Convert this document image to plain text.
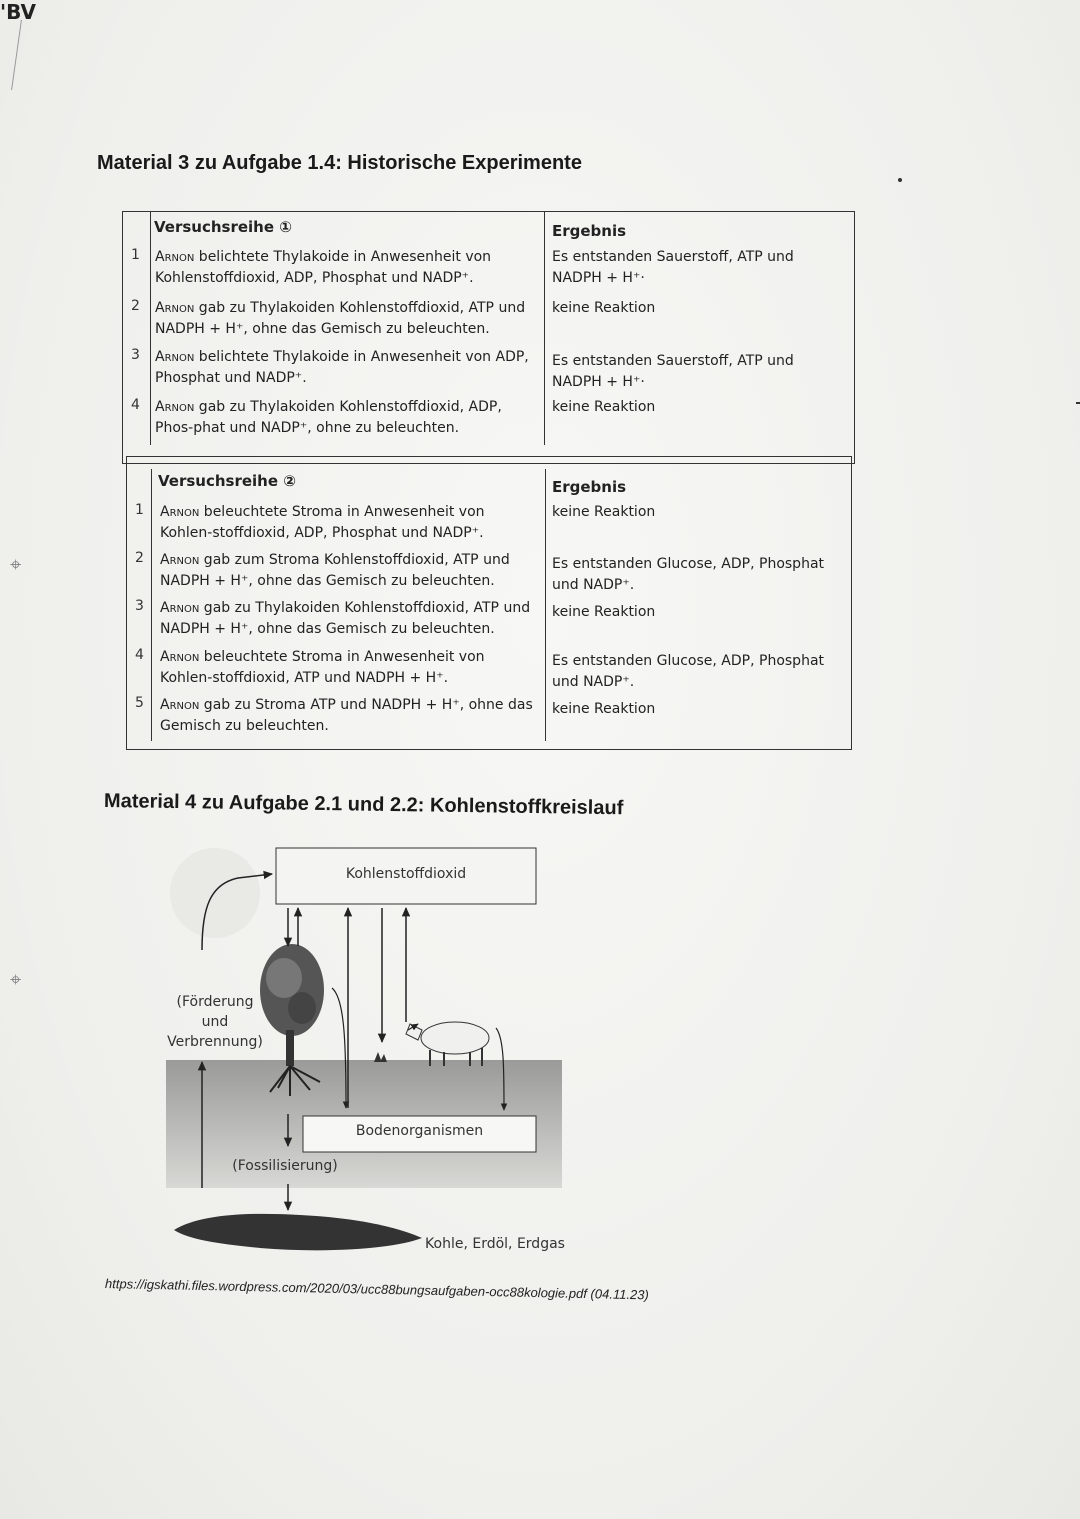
'BV
⌖
⌖
Material 3 zu Aufgabe 1.4: Historische Experimente
Versuchsreihe ①	Ergebnis
1 Arnon belichtete Thylakoide in Anwesenheit von Kohlenstoffdioxid, ADP, Phosphat und NADP⁺.
Es entstanden Sauerstoff, ATP und NADPH + H⁺·
2 Arnon gab zu Thylakoiden Kohlenstoffdioxid, ATP und NADPH + H⁺, ohne das Gemisch zu beleuchten.
keine Reaktion
3 Arnon belichtete Thylakoide in Anwesenheit von ADP, Phosphat und NADP⁺.
Es entstanden Sauerstoff, ATP und NADPH + H⁺·
4 Arnon gab zu Thylakoiden Kohlenstoffdioxid, ADP, Phos-phat und NADP⁺, ohne zu beleuchten.
keine Reaktion
Versuchsreihe ②	Ergebnis
1 Arnon beleuchtete Stroma in Anwesenheit von Kohlen-stoffdioxid, ADP, Phosphat und NADP⁺.
keine Reaktion
2 Arnon gab zum Stroma Kohlenstoffdioxid, ATP und NADPH + H⁺, ohne das Gemisch zu beleuchten.
Es entstanden Glucose, ADP, Phosphat und NADP⁺.
3 Arnon gab zu Thylakoiden Kohlenstoffdioxid, ATP und NADPH + H⁺, ohne das Gemisch zu beleuchten.
keine Reaktion
4 Arnon beleuchtete Stroma in Anwesenheit von Kohlen-stoffdioxid, ATP und NADPH + H⁺.
Es entstanden Glucose, ADP, Phosphat und NADP⁺.
5 Arnon gab zu Stroma ATP und NADPH + H⁺, ohne das Gemisch zu beleuchten.
keine Reaktion
Material 4 zu Aufgabe 2.1 und 2.2: Kohlenstoffkreislauf
Kohlenstoffdioxid
(Förderung
und
Verbrennung)
Bodenorganismen
(Fossilisierung)
Kohle, Erdöl, Erdgas
https://igskathi.files.wordpress.com/2020/03/ucc88bungsaufgaben-occ88kologie.pdf (04.11.23)
